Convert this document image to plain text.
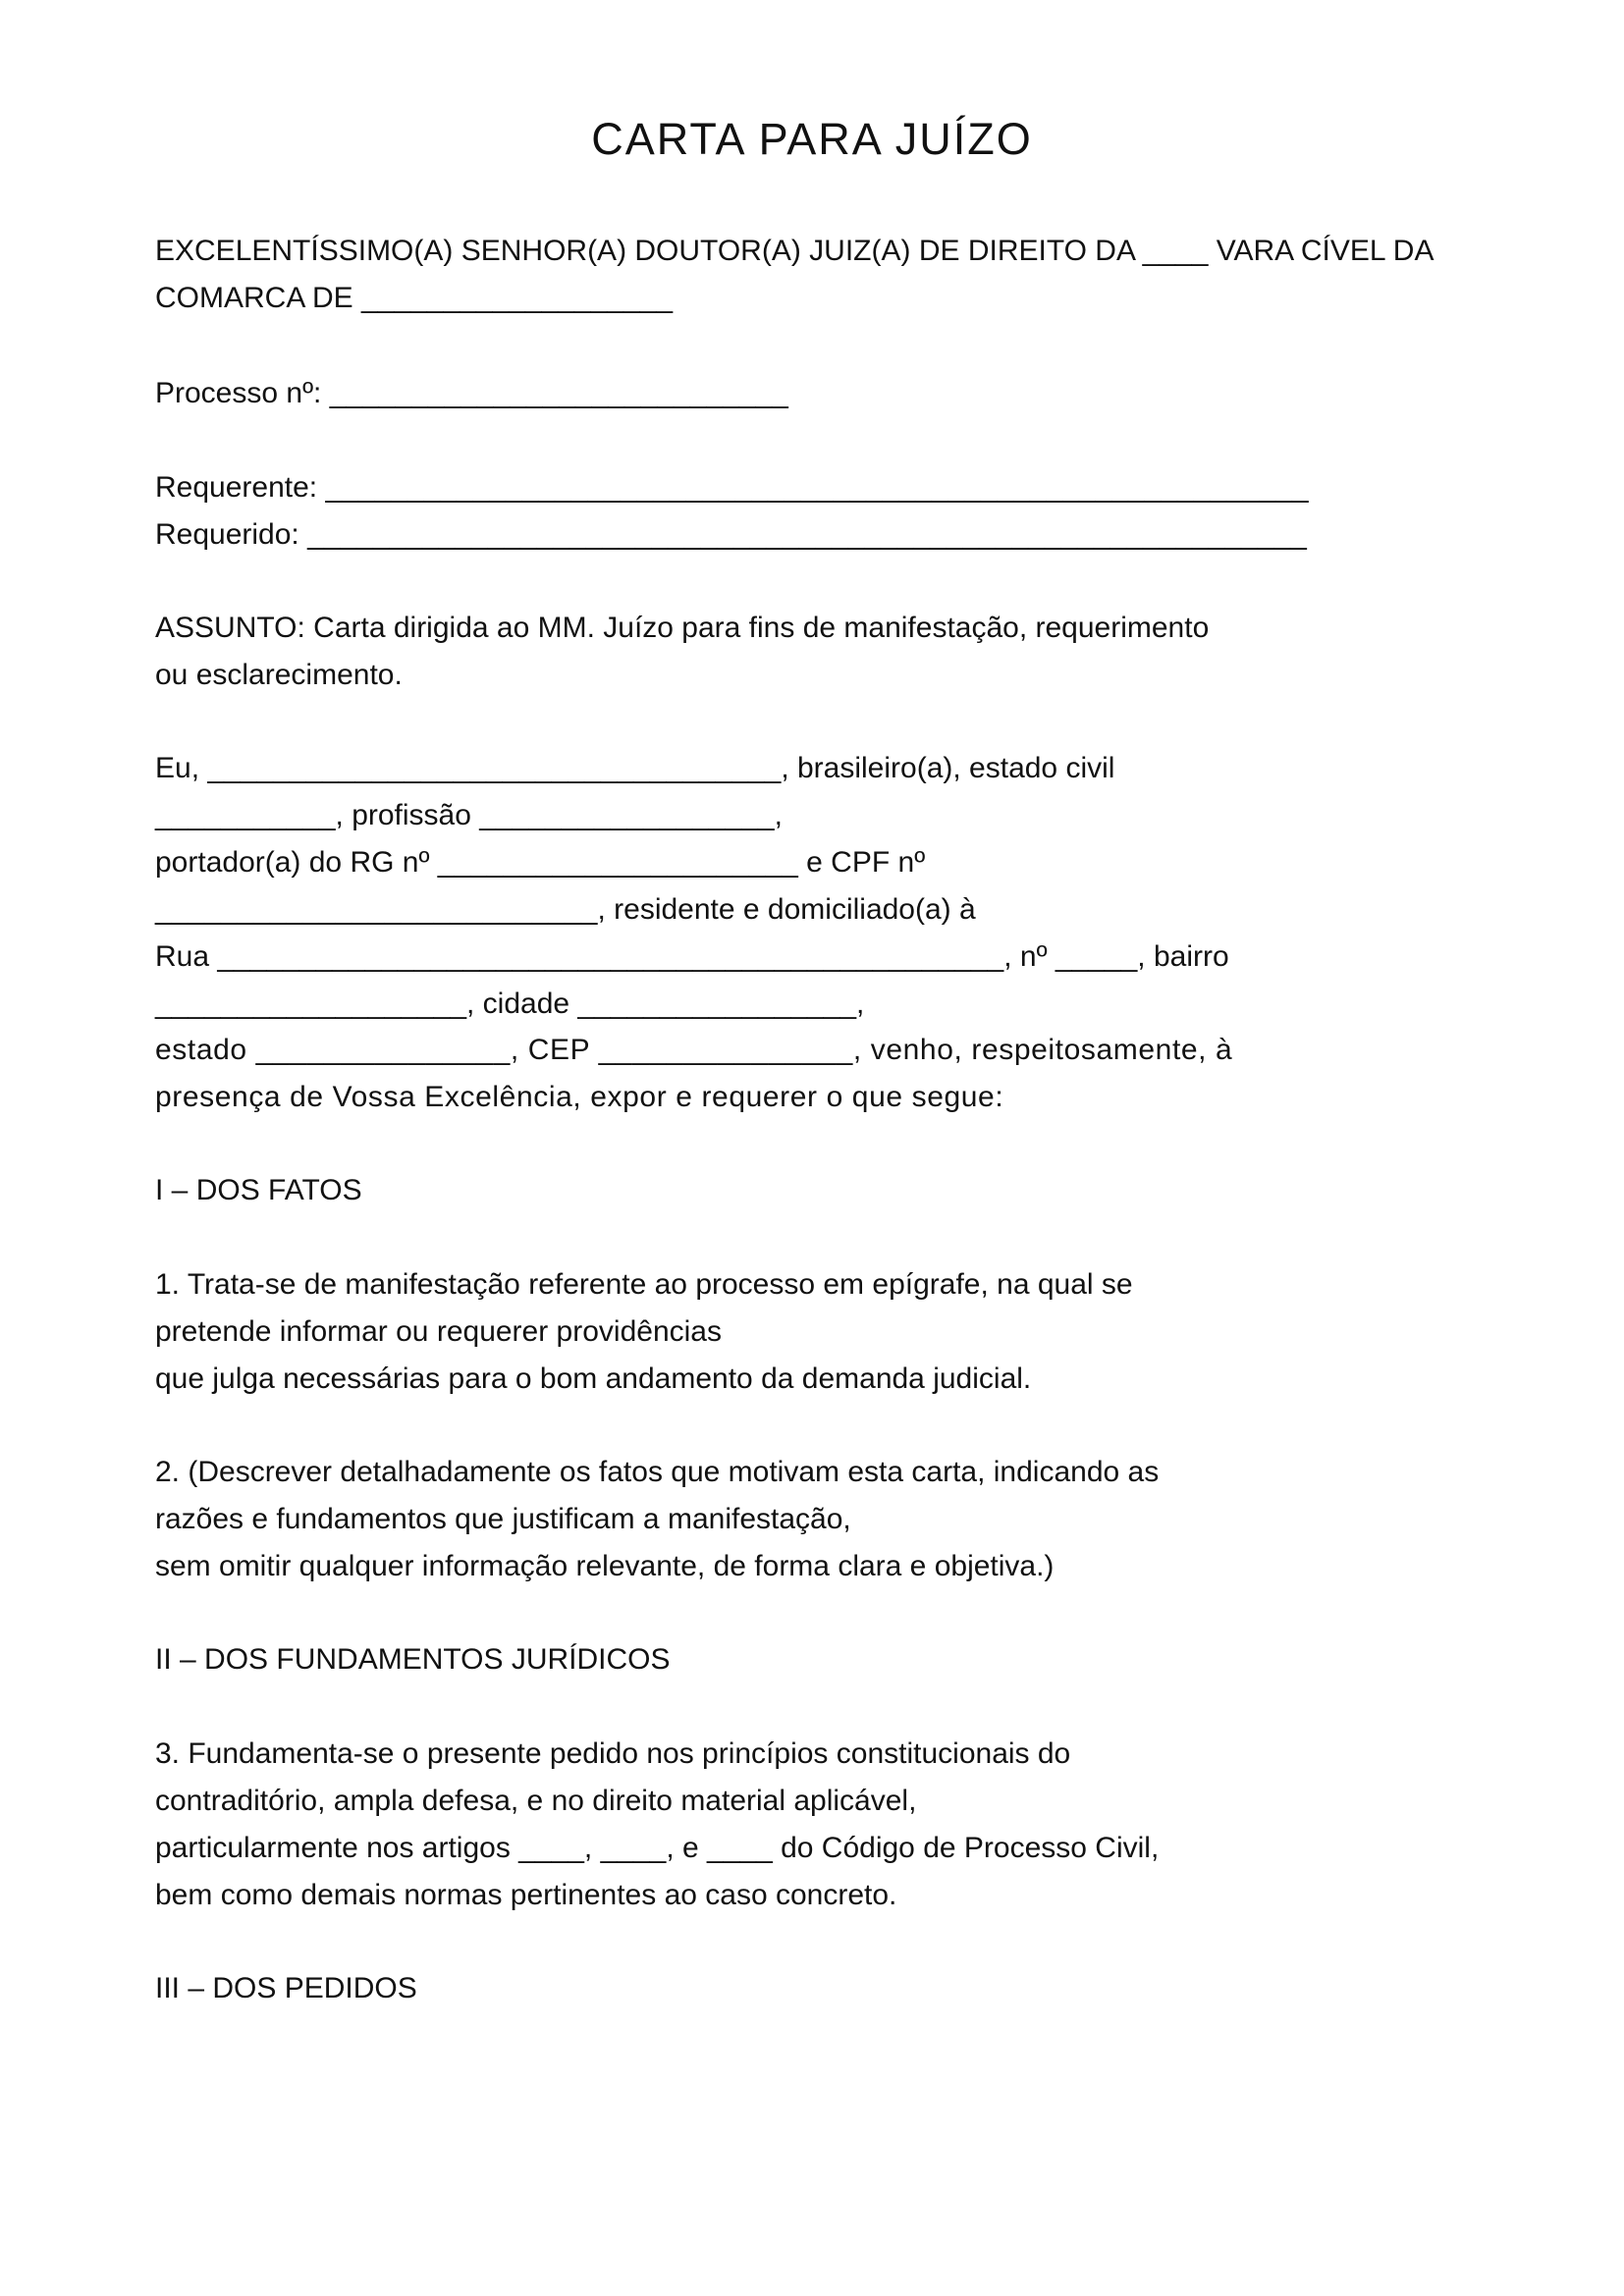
CARTA PARA JUÍZO

EXCELENTÍSSIMO(A) SENHOR(A) DOUTOR(A) JUIZ(A) DE DIREITO DA ____ VARA CÍVEL DA

COMARCA DE ___________________

Processo nº: ____________________________

Requerente: ____________________________________________________________

Requerido: _____________________________________________________________

ASSUNTO: Carta dirigida ao MM. Juízo para fins de manifestação, requerimento

ou esclarecimento.

Eu, ___________________________________, brasileiro(a), estado civil

___________, profissão __________________,

portador(a) do RG nº ______________________ e CPF nº

___________________________, residente e domiciliado(a) à

Rua ________________________________________________, nº _____, bairro

___________________, cidade _________________,

estado _______________, CEP _______________, venho, respeitosamente, à

presença de Vossa Excelência, expor e requerer o que segue:

I – DOS FATOS

1. Trata-se de manifestação referente ao processo em epígrafe, na qual se

pretende informar ou requerer providências

que julga necessárias para o bom andamento da demanda judicial.

2. (Descrever detalhadamente os fatos que motivam esta carta, indicando as

razões e fundamentos que justificam a manifestação,

sem omitir qualquer informação relevante, de forma clara e objetiva.)

II – DOS FUNDAMENTOS JURÍDICOS

3. Fundamenta-se o presente pedido nos princípios constitucionais do

contraditório, ampla defesa, e no direito material aplicável,

particularmente nos artigos ____, ____, e ____ do Código de Processo Civil,

bem como demais normas pertinentes ao caso concreto.

III – DOS PEDIDOS
